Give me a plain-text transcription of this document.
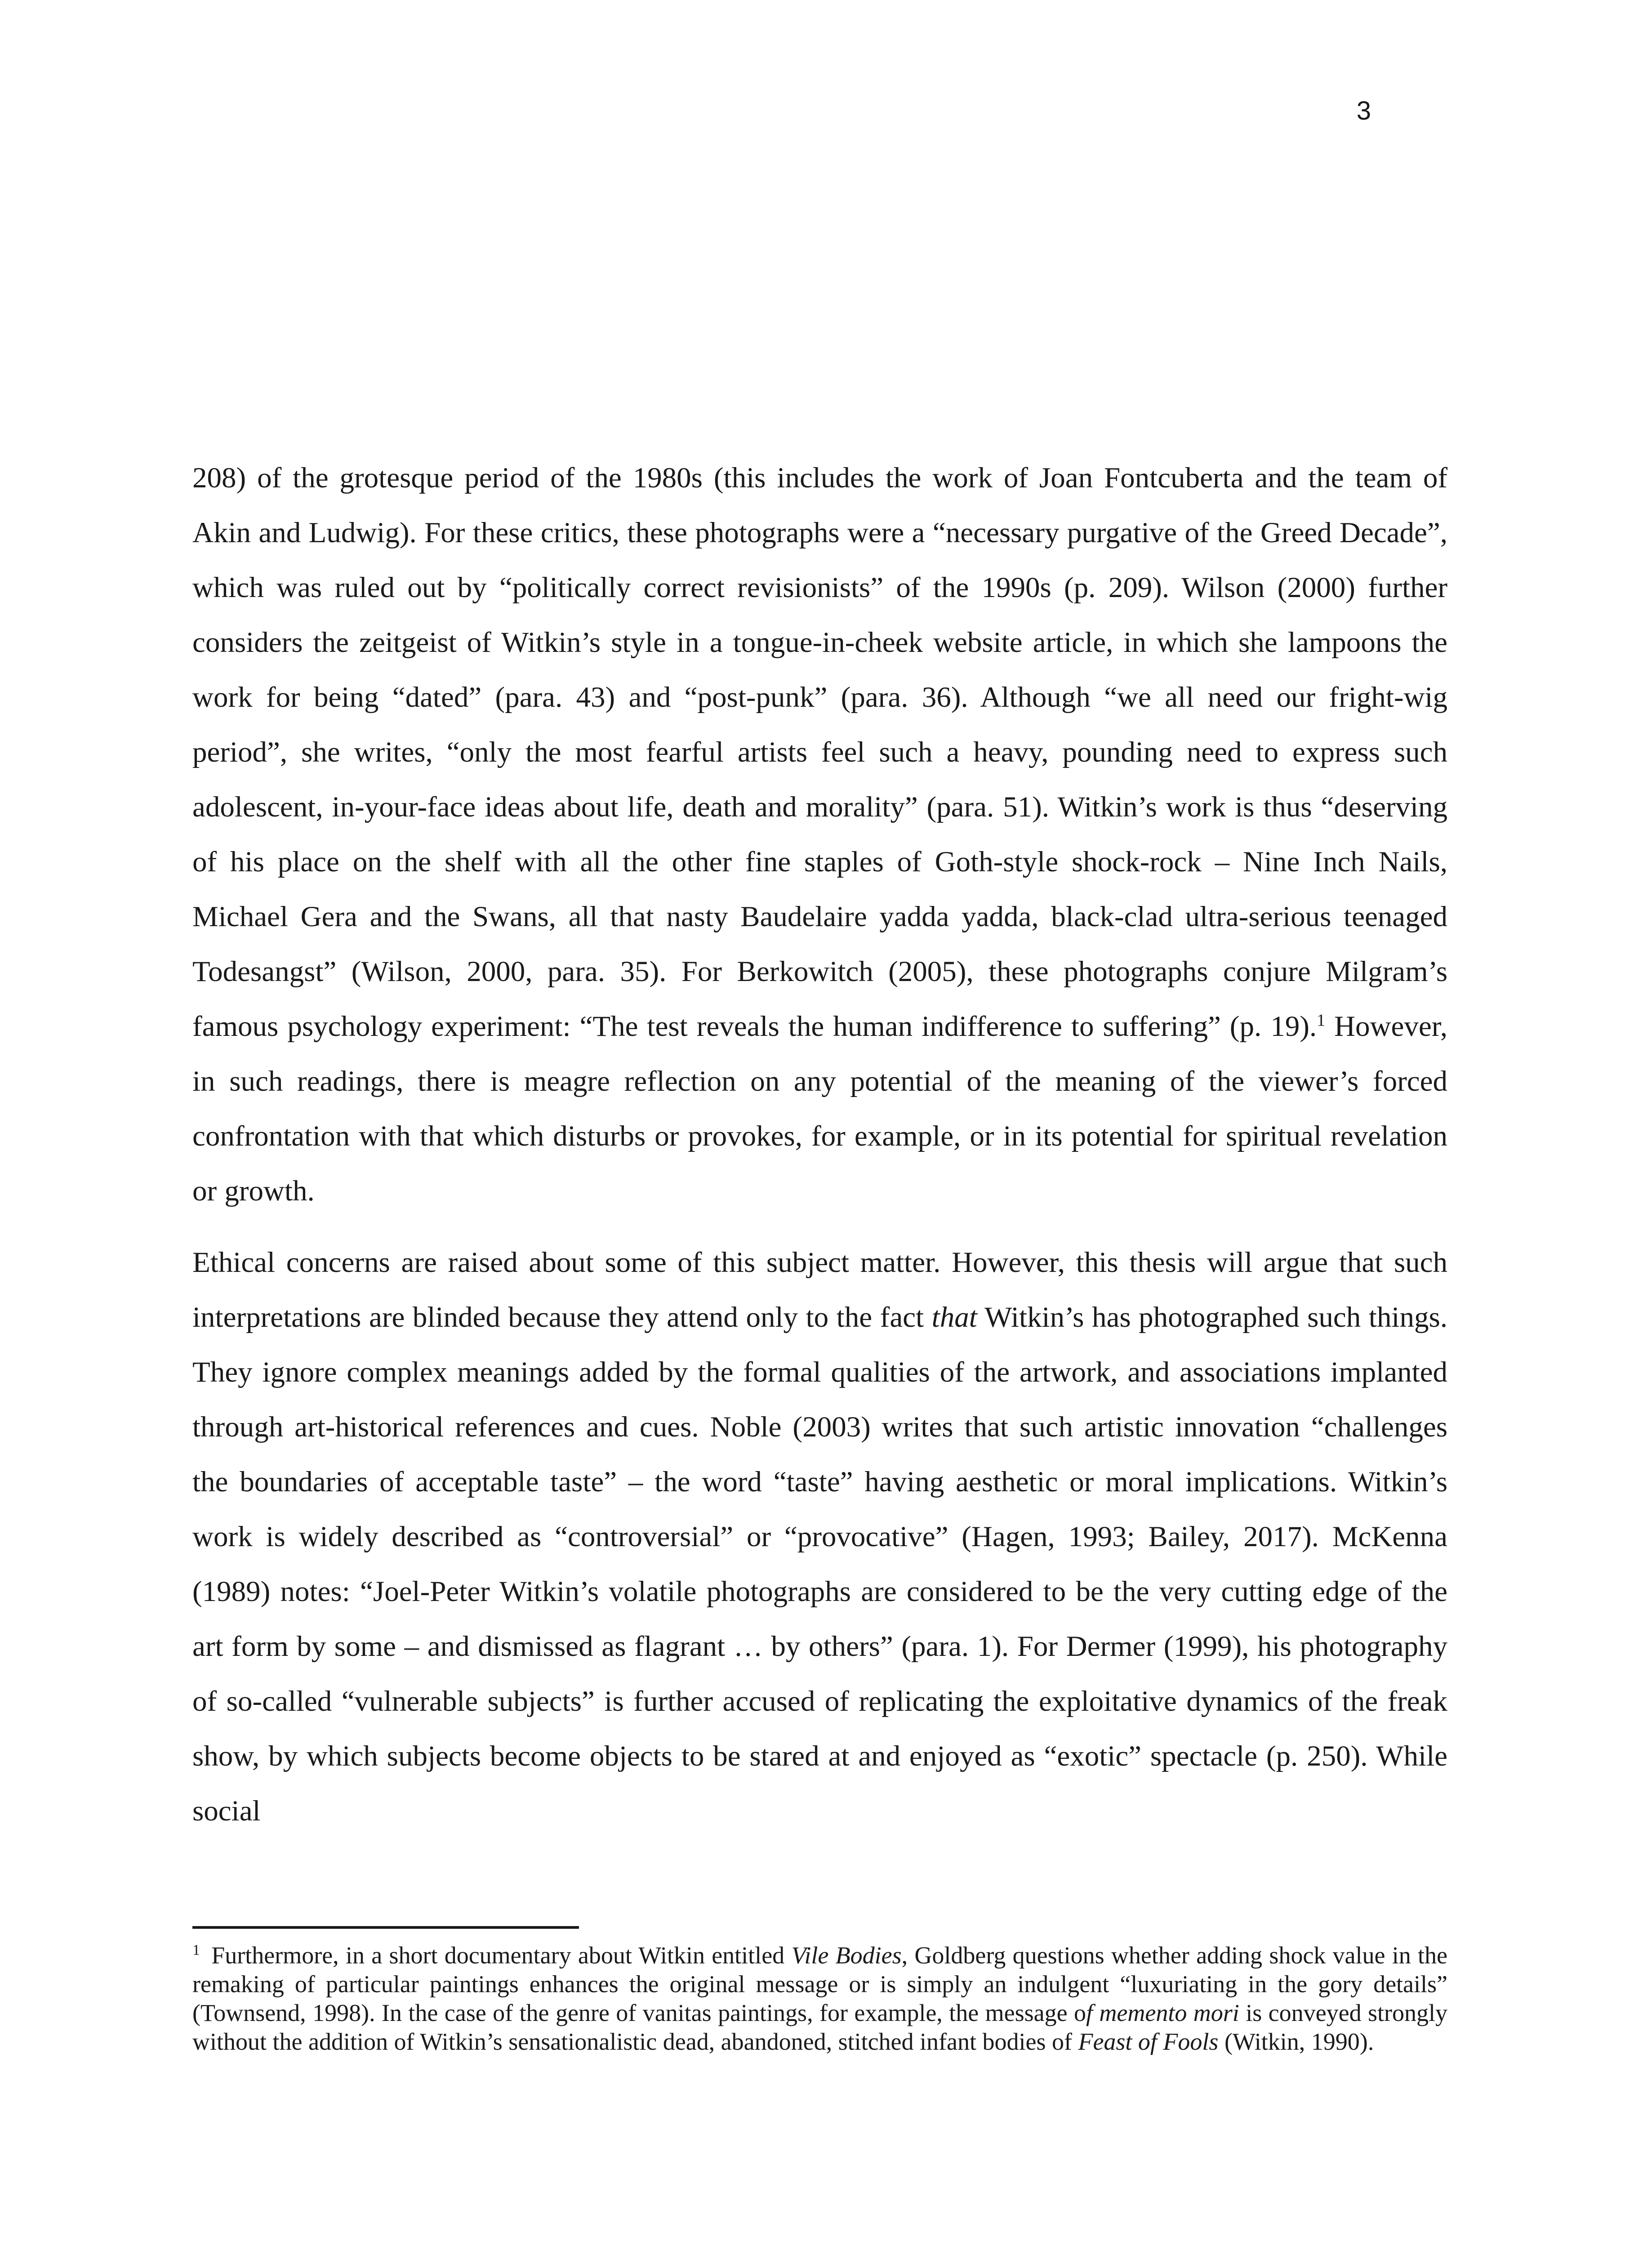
3

208) of the grotesque period of the 1980s (this includes the work of Joan Fontcuberta and the team of Akin and Ludwig). For these critics, these photographs were a “necessary purgative of the Greed Decade”, which was ruled out by “politically correct revisionists” of the 1990s (p. 209). Wilson (2000) further considers the zeitgeist of Witkin’s style in a tongue-in-cheek website article, in which she lampoons the work for being “dated” (para. 43) and “post-punk” (para. 36). Although “we all need our fright-wig period”, she writes, “only the most fearful artists feel such a heavy, pounding need to express such adolescent, in-your-face ideas about life, death and morality” (para. 51). Witkin’s work is thus “deserving of his place on the shelf with all the other fine staples of Goth-style shock-rock – Nine Inch Nails, Michael Gera and the Swans, all that nasty Baudelaire yadda yadda, black-clad ultra-serious teenaged Todesangst” (Wilson, 2000, para. 35). For Berkowitch (2005), these photographs conjure Milgram’s famous psychology experiment: “The test reveals the human indifference to suffering” (p. 19).$^1$ However, in such readings, there is meagre reflection on any potential of the meaning of the viewer’s forced confrontation with that which disturbs or provokes, for example, or in its potential for spiritual revelation or growth.

Ethical concerns are raised about some of this subject matter. However, this thesis will argue that such interpretations are blinded because they attend only to the fact that Witkin’s has photographed such things. They ignore complex meanings added by the formal qualities of the artwork, and associations implanted through art-historical references and cues. Noble (2003) writes that such artistic innovation “challenges the boundaries of acceptable taste” – the word “taste” having aesthetic or moral implications. Witkin’s work is widely described as “controversial” or “provocative” (Hagen, 1993; Bailey, 2017). McKenna (1989) notes: “Joel-Peter Witkin’s volatile photographs are considered to be the very cutting edge of the art form by some – and dismissed as flagrant … by others” (para. 1). For Dermer (1999), his photography of so-called “vulnerable subjects” is further accused of replicating the exploitative dynamics of the freak show, by which subjects become objects to be stared at and enjoyed as “exotic” spectacle (p. 250). While social

$^1$ Furthermore, in a short documentary about Witkin entitled Vile Bodies, Goldberg questions whether adding shock value in the remaking of particular paintings enhances the original message or is simply an indulgent “luxuriating in the gory details” (Townsend, 1998). In the case of the genre of vanitas paintings, for example, the message of memento mori is conveyed strongly without the addition of Witkin’s sensationalistic dead, abandoned, stitched infant bodies of Feast of Fools (Witkin, 1990).
